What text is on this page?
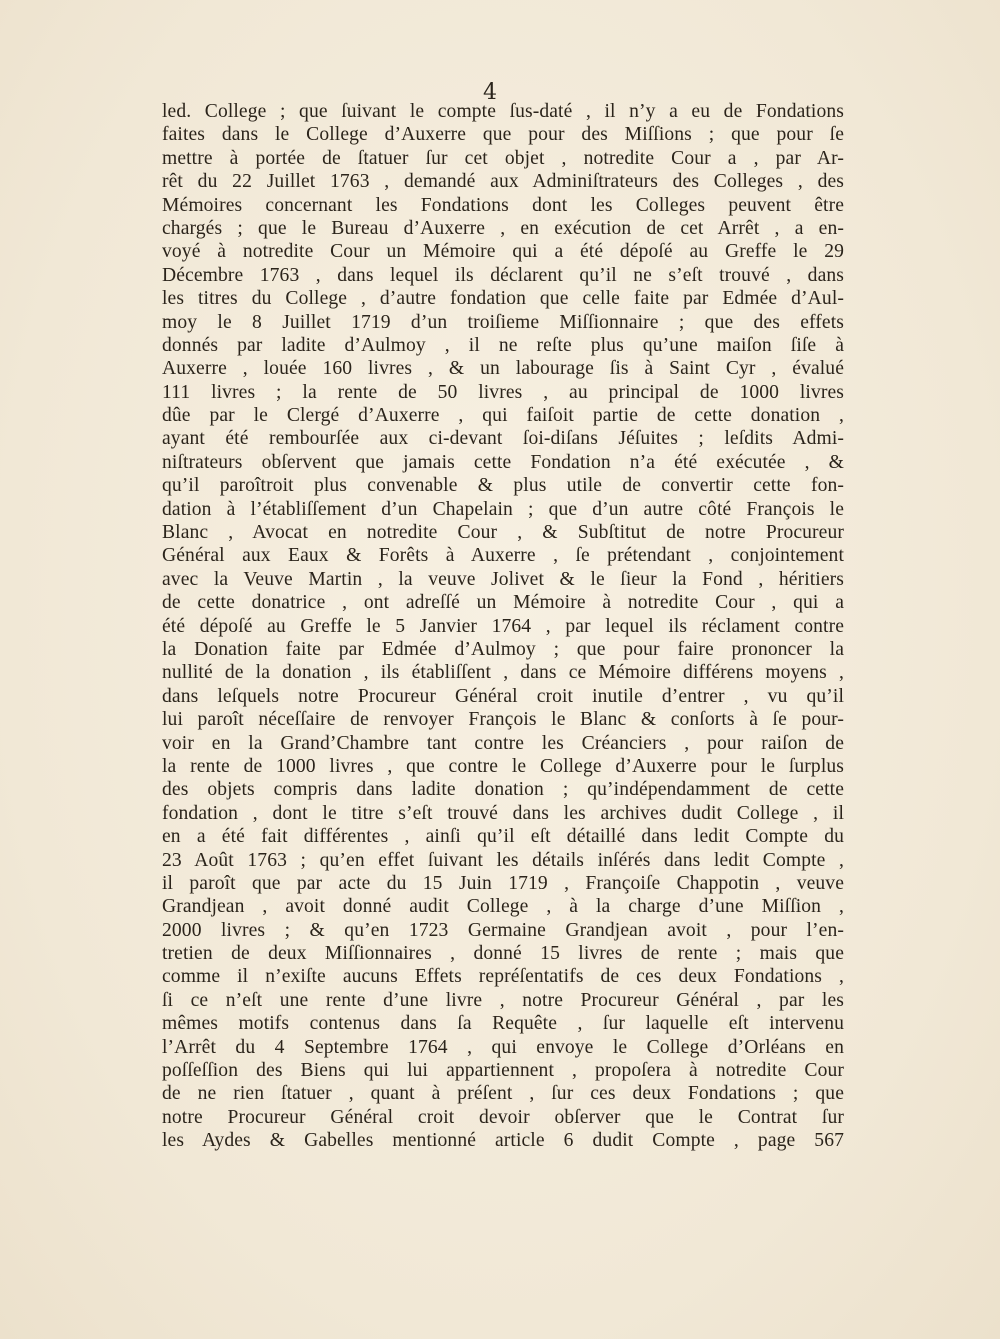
4
led. College ; que ſuivant le compte ſus-daté , il n’y a eu de Fondations
faites dans le College d’Auxerre que pour des Miſſions ; que pour ſe
mettre à portée de ſtatuer ſur cet objet , notredite Cour a , par Ar-
rêt du 22 Juillet 1763 , demandé aux Adminiſtrateurs des Colleges , des
Mémoires concernant les Fondations dont les Colleges peuvent être
chargés ; que le Bureau d’Auxerre , en exécution de cet Arrêt , a en-
voyé à notredite Cour un Mémoire qui a été dépoſé au Greffe le 29
Décembre 1763 , dans lequel ils déclarent qu’il ne s’eſt trouvé , dans
les titres du College , d’autre fondation que celle faite par Edmée d’Aul-
moy le 8 Juillet 1719 d’un troiſieme Miſſionnaire ; que des effets
donnés par ladite d’Aulmoy , il ne reſte plus qu’une maiſon ſiſe à
Auxerre , louée 160 livres , & un labourage ſis à Saint Cyr , évalué
111 livres ; la rente de 50 livres , au principal de 1000 livres
dûe par le Clergé d’Auxerre , qui faiſoit partie de cette donation ,
ayant été rembourſée aux ci-devant ſoi-diſans Jéſuites ; leſdits Admi-
niſtrateurs obſervent que jamais cette Fondation n’a été exécutée , &
qu’il paroîtroit plus convenable & plus utile de convertir cette fon-
dation à l’établiſſement d’un Chapelain ; que d’un autre côté François le
Blanc , Avocat en notredite Cour , & Subſtitut de notre Procureur
Général aux Eaux & Forêts à Auxerre , ſe prétendant , conjointement
avec la Veuve Martin , la veuve Jolivet & le ſieur la Fond , héritiers
de cette donatrice , ont adreſſé un Mémoire à notredite Cour , qui a
été dépoſé au Greffe le 5 Janvier 1764 , par lequel ils réclament contre
la Donation faite par Edmée d’Aulmoy ; que pour faire prononcer la
nullité de la donation , ils établiſſent , dans ce Mémoire différens moyens ,
dans leſquels notre Procureur Général croit inutile d’entrer , vu qu’il
lui paroît néceſſaire de renvoyer François le Blanc & conſorts à ſe pour-
voir en la Grand’Chambre tant contre les Créanciers , pour raiſon de
la rente de 1000 livres , que contre le College d’Auxerre pour le ſurplus
des objets compris dans ladite donation ; qu’indépendamment de cette
fondation , dont le titre s’eſt trouvé dans les archives dudit College , il
en a été fait différentes , ainſi qu’il eſt détaillé dans ledit Compte du
23 Août 1763 ; qu’en effet ſuivant les détails inſérés dans ledit Compte ,
il paroît que par acte du 15 Juin 1719 , Françoiſe Chappotin , veuve
Grandjean , avoit donné audit College , à la charge d’une Miſſion ,
2000 livres ; & qu’en 1723 Germaine Grandjean avoit , pour l’en-
tretien de deux Miſſionnaires , donné 15 livres de rente ; mais que
comme il n’exiſte aucuns Effets repréſentatifs de ces deux Fondations ,
ſi ce n’eſt une rente d’une livre , notre Procureur Général , par les
mêmes motifs contenus dans ſa Requête , ſur laquelle eſt intervenu
l’Arrêt du 4 Septembre 1764 , qui envoye le College d’Orléans en
poſſeſſion des Biens qui lui appartiennent , propoſera à notredite Cour
de ne rien ſtatuer , quant à préſent , ſur ces deux Fondations ; que
notre Procureur Général croit devoir obſerver que le Contrat ſur
les Aydes & Gabelles mentionné article 6 dudit Compte , page 567
